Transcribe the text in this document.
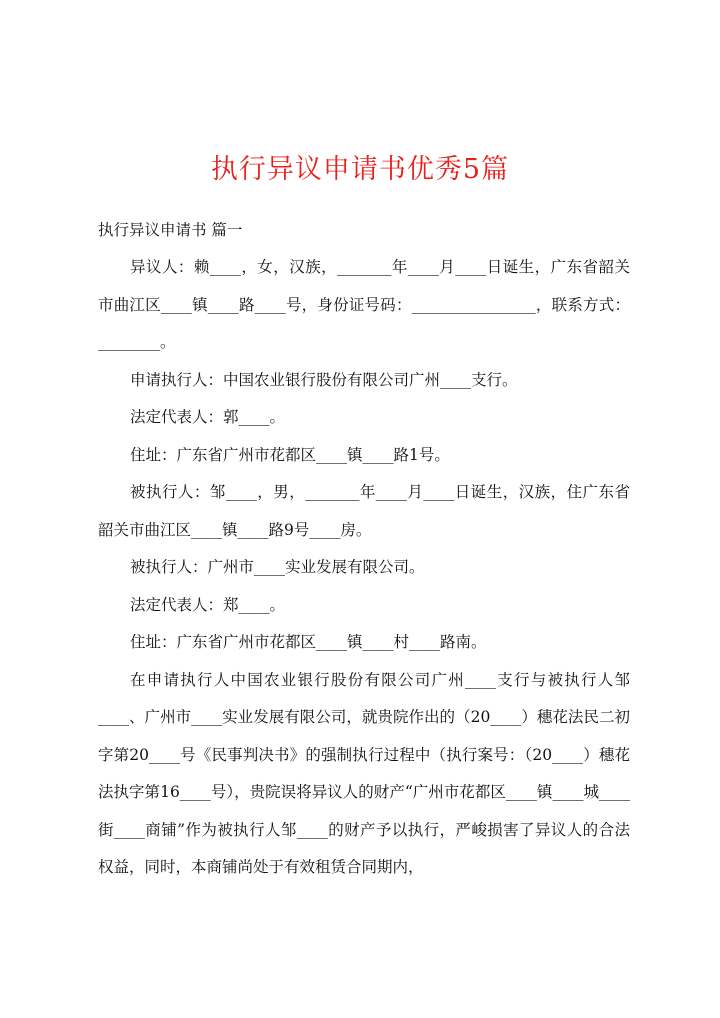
执行异议申请书优秀5篇

执行异议申请书 篇一

异议人：赖____，女，汉族，_______年____月____日诞生，广东省韶关市曲江区____镇____路____号，身份证号码：________________，联系方式：________。

申请执行人：中国农业银行股份有限公司广州____支行。

法定代表人：郭____。

住址：广东省广州市花都区____镇____路1号。

被执行人：邹____，男，_______年____月____日诞生，汉族，住广东省韶关市曲江区____镇____路9号____房。

被执行人：广州市____实业发展有限公司。

法定代表人：郑____。

住址：广东省广州市花都区____镇____村____路南。

在申请执行人中国农业银行股份有限公司广州____支行与被执行人邹____、广州市____实业发展有限公司，就贵院作出的（20____）穗花法民二初字第20____号《民事判决书》的强制执行过程中（执行案号：（20____）穗花法执字第16____号），贵院误将异议人的财产“广州市花都区____镇____城____街____商铺”作为被执行人邹____的财产予以执行，严峻损害了异议人的合法权益，同时，本商铺尚处于有效租赁合同期内，
